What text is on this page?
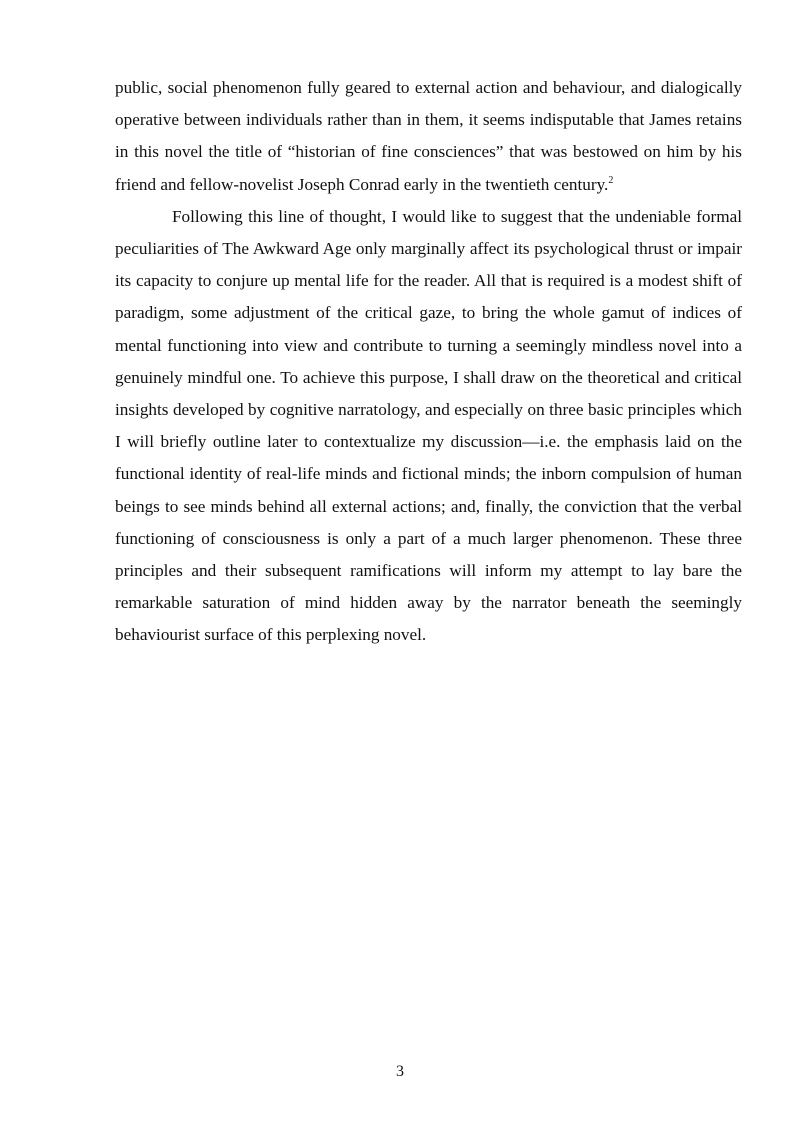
public, social phenomenon fully geared to external action and behaviour, and dialogically operative between individuals rather than in them, it seems indisputable that James retains in this novel the title of “historian of fine consciences” that was bestowed on him by his friend and fellow-novelist Joseph Conrad early in the twentieth century.$^2$

Following this line of thought, I would like to suggest that the undeniable formal peculiarities of The Awkward Age only marginally affect its psychological thrust or impair its capacity to conjure up mental life for the reader. All that is required is a modest shift of paradigm, some adjustment of the critical gaze, to bring the whole gamut of indices of mental functioning into view and contribute to turning a seemingly mindless novel into a genuinely mindful one. To achieve this purpose, I shall draw on the theoretical and critical insights developed by cognitive narratology, and especially on three basic principles which I will briefly outline later to contextualize my discussion—i.e. the emphasis laid on the functional identity of real-life minds and fictional minds; the inborn compulsion of human beings to see minds behind all external actions; and, finally, the conviction that the verbal functioning of consciousness is only a part of a much larger phenomenon. These three principles and their subsequent ramifications will inform my attempt to lay bare the remarkable saturation of mind hidden away by the narrator beneath the seemingly behaviourist surface of this perplexing novel.

3
